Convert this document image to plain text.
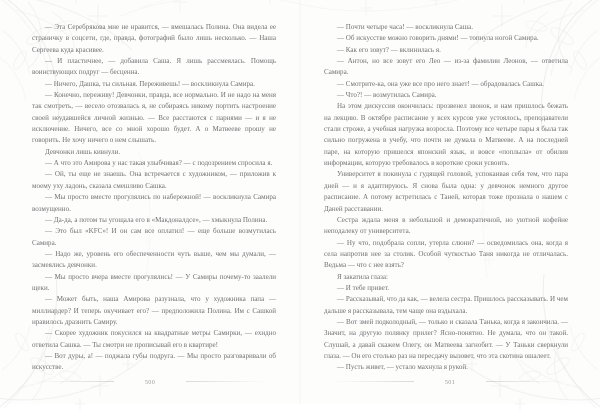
— Эта Серебрякова мне не нравится, — вмешалась Полина. Она видела ее страничку в соцсети, где, правда, фотографий было лишь несколько. — Наша Сергеева куда красивее.

— И пластичнее, — добавила Саша. Я лишь рассмеялась. Помощь воинствующих подруг — бесценна.

— Ничего, Дашка, ты сильная. Переживешь! — воскликнула Самира.

— Конечно, переживу! Девчонки, правда, все нормально. И не надо на меня так смотреть, — весело отозвалась я, не собираясь никому портить настроение своей неудавшейся личной жизнью. — Все расстаются с парнями — и я не исключение. Ничего, все со мной хорошо будет. А о Матвееве прошу не говорить. Не хочу ничего о нем слышать.

Девчонки лишь кивнули.

— А что это Амирова у нас такая улыбчивая? — с подозрением спросила я.

— Ой, ты еще не знаешь. Она встречается с художником, — приложив к моему уху ладонь, сказала смешливо Сашка.

— Мы просто вместе прогулялись по набережной! — воскликнула Самира возмущенно.

— Да-да, а потом ты угощала его в «Макдоналдсе», — хмыкнула Полина.

— Это был «KFC»! И он сам все оплатил! — еще больше возмутилась Самира.

— Надо же, уровень его обеспеченности чуть выше, чем мы думали, — засмеялись девчонки.

— Мы просто вчера вместе прогулялись! — У Самиры почему-то заалели щеки.

— Может быть, наша Амирова разузнала, что у художника папа — миллиардер? И теперь окучивает его? — предположила Полина. Им с Сашкой нравилось дразнить Самиру.

— Скорее художник покусился на квадратные метры Самирки, — ехидно ответила Сашка. — Ты смотри не прописывай его в квартире!

— Вот дуры, а! — поджала губы подруга. — Мы просто разговаривали об искусстве.

500

— Почти четыре часа! — воскликнула Саша.

— Об искусстве можно говорить днями! — топнула ногой Самира.

— Как его зовут? — вклинилась я.

— Антон, но все зовут его Лео — из-за фамилии Леонов, — ответила Самира.

— Смотрите-ка, она уже все про него знает! — обрадовалась Сашка.

— Что?! — возмутилась Самира.

На этом дискуссия окончилась: прозвенел звонок, и нам пришлось бежать на лекцию. В октябре расписание у всех курсов уже устоялось, преподаватели стали строже, а учебная нагрузка возросла. Поэтому все четыре пары я была так сильно погружена в учебу, что почти не думала о Матвееве. А на последней паре, на которую пришелся японский язык, и вовсе «поплыла» от обилия информации, которую требовалось в короткие сроки усвоить.

Университет я покинула с гудящей головой, успокаивая себя тем, что пара дней — и я адаптируюсь. Я снова была одна: у девчонок немного другое расписание. А потому встретилась с Таней, которая тоже прознала о нашем с Даней расставании.

Сестра ждала меня в небольшой и демократичной, но уютной кофейне неподалеку от университета.

— Ну что, подобрала сопли, утерла слюни? — осведомилась она, когда я села напротив нее за столик. Особой чуткостью Таня никогда не отличалась. Ведьма — что с нее взять?

Я закатила глаза:

— И тебе привет.

— Рассказывай, что да как, — велела сестра. Пришлось рассказывать. И чем дальше я рассказывала, тем чаще она вздыхала.

— Вот змей подколодный, — только и сказала Танька, когда я закончила. — Значит, на другую полянку прилег? Ясно-понятно. Не думала, что он такой. Слушай, а давай скажем Олегу, он Матвеева загнобит. — У Таньки сверкнули глаза. — Он его столько раз на пересдачу вызовет, что эта скотина ошалеет.

— Пусть живет, — устало махнула я рукой.

501
